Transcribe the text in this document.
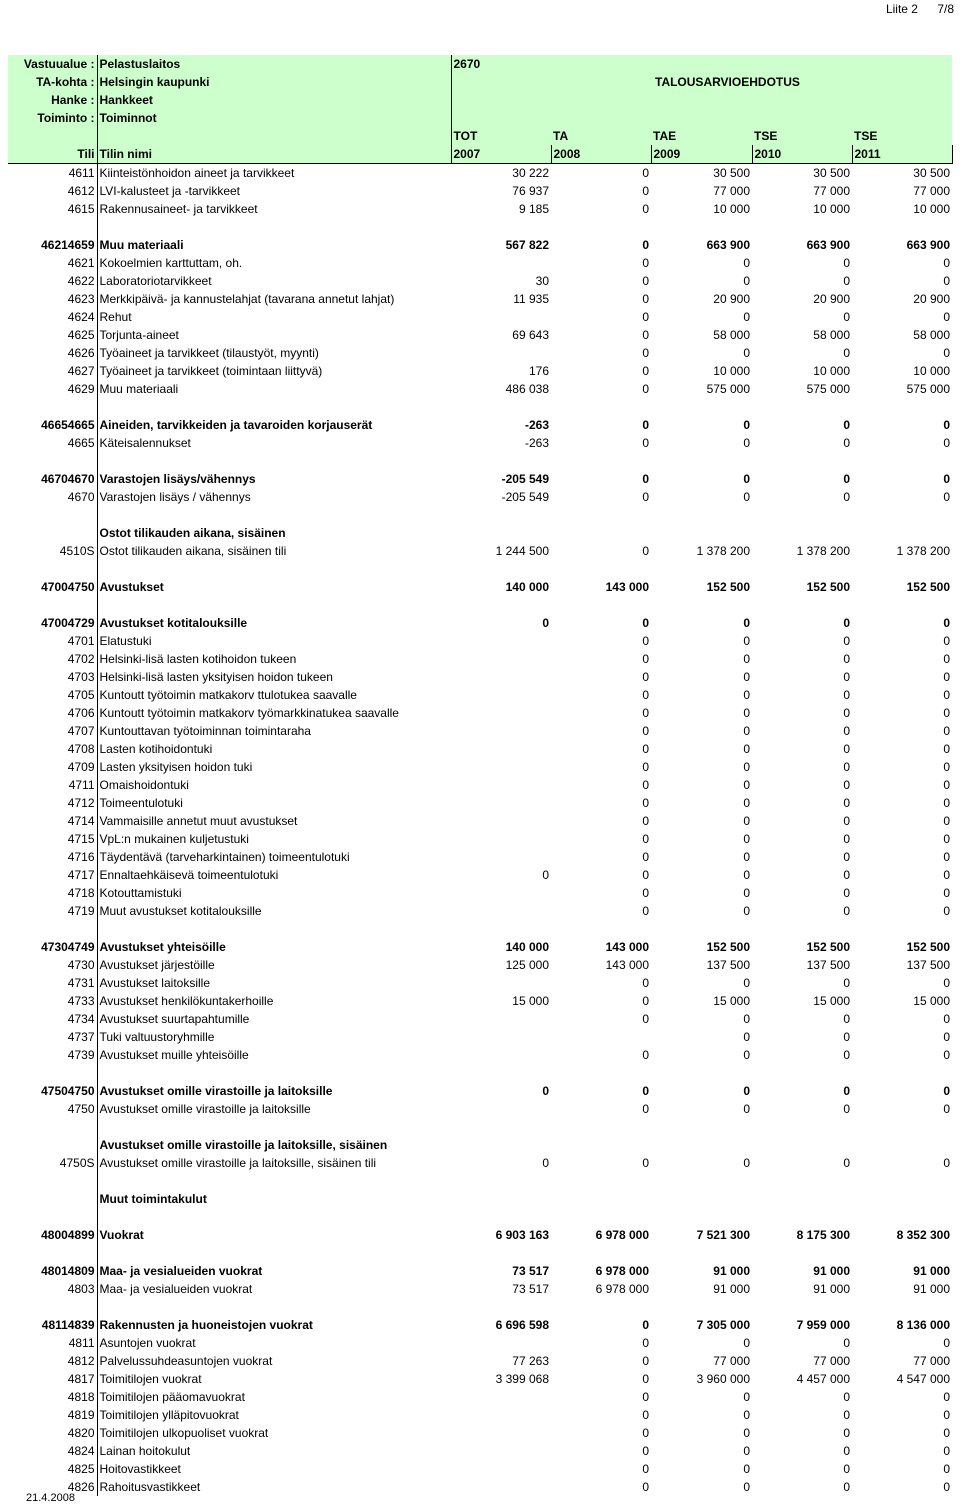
Liite 2 7/8
Vastuualue :	Pelastuslaitos	2670				
TA-kohta :	Helsingin kaupunki			TALOUSARVIOEHDOTUS		
Hanke :	Hankkeet					
Toiminto :	Toiminnot					
		TOT	TA	TAE	TSE	TSE
Tili	Tilin nimi	2007	2008	2009	2010	2011
4611	Kiinteistönhoidon aineet ja tarvikkeet	30 222	0	30 500	30 500	30 500
4612	LVI-kalusteet ja -tarvikkeet	76 937	0	77 000	77 000	77 000
4615	Rakennusaineet- ja tarvikkeet	9 185	0	10 000	10 000	10 000

46214659	Muu materiaali	567 822	0	663 900	663 900	663 900
4621	Kokoelmien karttuttam, oh.		0	0	0	0
4622	Laboratoriotarvikkeet	30	0	0	0	0
4623	Merkkipäivä- ja kannustelahjat (tavarana annetut lahjat)	11 935	0	20 900	20 900	20 900
4624	Rehut		0	0	0	0
4625	Torjunta-aineet	69 643	0	58 000	58 000	58 000
4626	Työaineet ja tarvikkeet (tilaustyöt, myynti)		0	0	0	0
4627	Työaineet ja tarvikkeet (toimintaan liittyvä)	176	0	10 000	10 000	10 000
4629	Muu materiaali	486 038	0	575 000	575 000	575 000

46654665	Aineiden, tarvikkeiden ja tavaroiden korjauserät	-263	0	0	0	0
4665	Käteisalennukset	-263	0	0	0	0

46704670	Varastojen lisäys/vähennys	-205 549	0	0	0	0
4670	Varastojen lisäys / vähennys	-205 549	0	0	0	0

	Ostot tilikauden aikana, sisäinen					
4510S	Ostot tilikauden aikana, sisäinen tili	1 244 500	0	1 378 200	1 378 200	1 378 200

47004750	Avustukset	140 000	143 000	152 500	152 500	152 500

47004729	Avustukset kotitalouksille	0	0	0	0	0
4701	Elatustuki		0	0	0	0
4702	Helsinki-lisä lasten kotihoidon tukeen		0	0	0	0
4703	Helsinki-lisä lasten yksityisen hoidon tukeen		0	0	0	0
4705	Kuntoutt työtoimin matkakorv ttulotukea saavalle		0	0	0	0
4706	Kuntoutt työtoimin matkakorv työmarkkinatukea saavalle		0	0	0	0
4707	Kuntouttavan työtoiminnan toimintaraha		0	0	0	0
4708	Lasten kotihoidontuki		0	0	0	0
4709	Lasten yksityisen hoidon tuki		0	0	0	0
4711	Omaishoidontuki		0	0	0	0
4712	Toimeentulotuki		0	0	0	0
4714	Vammaisille annetut muut avustukset		0	0	0	0
4715	VpL:n mukainen kuljetustuki		0	0	0	0
4716	Täydentävä (tarveharkintainen) toimeentulotuki		0	0	0	0
4717	Ennaltaehkäisevä toimeentulotuki	0	0	0	0	0
4718	Kotouttamistuki		0	0	0	0
4719	Muut avustukset kotitalouksille		0	0	0	0

47304749	Avustukset yhteisöille	140 000	143 000	152 500	152 500	152 500
4730	Avustukset järjestöille	125 000	143 000	137 500	137 500	137 500
4731	Avustukset laitoksille		0	0	0	0
4733	Avustukset henkilökuntakerhoille	15 000	0	15 000	15 000	15 000
4734	Avustukset suurtapahtumille		0	0	0	0
4737	Tuki valtuustoryhmille			0	0	0
4739	Avustukset muille yhteisöille		0	0	0	0

47504750	Avustukset omille virastoille ja laitoksille	0	0	0	0	0
4750	Avustukset omille virastoille ja laitoksille		0	0	0	0

	Avustukset omille virastoille ja laitoksille, sisäinen					
4750S	Avustukset omille virastoille ja laitoksille, sisäinen tili	0	0	0	0	0

	Muut toimintakulut					

48004899	Vuokrat	6 903 163	6 978 000	7 521 300	8 175 300	8 352 300

48014809	Maa- ja vesialueiden vuokrat	73 517	6 978 000	91 000	91 000	91 000
4803	Maa- ja vesialueiden vuokrat	73 517	6 978 000	91 000	91 000	91 000

48114839	Rakennusten ja huoneistojen vuokrat	6 696 598	0	7 305 000	7 959 000	8 136 000
4811	Asuntojen vuokrat		0	0	0	0
4812	Palvelussuhdeasuntojen vuokrat	77 263	0	77 000	77 000	77 000
4817	Toimitilojen vuokrat	3 399 068	0	3 960 000	4 457 000	4 547 000
4818	Toimitilojen pääomavuokrat		0	0	0	0
4819	Toimitilojen ylläpitovuokrat		0	0	0	0
4820	Toimitilojen ulkopuoliset vuokrat		0	0	0	0
4824	Lainan hoitokulut		0	0	0	0
4825	Hoitovastikkeet		0	0	0	0
4826	Rahoitusvastikkeet		0	0	0	0
21.4.2008
